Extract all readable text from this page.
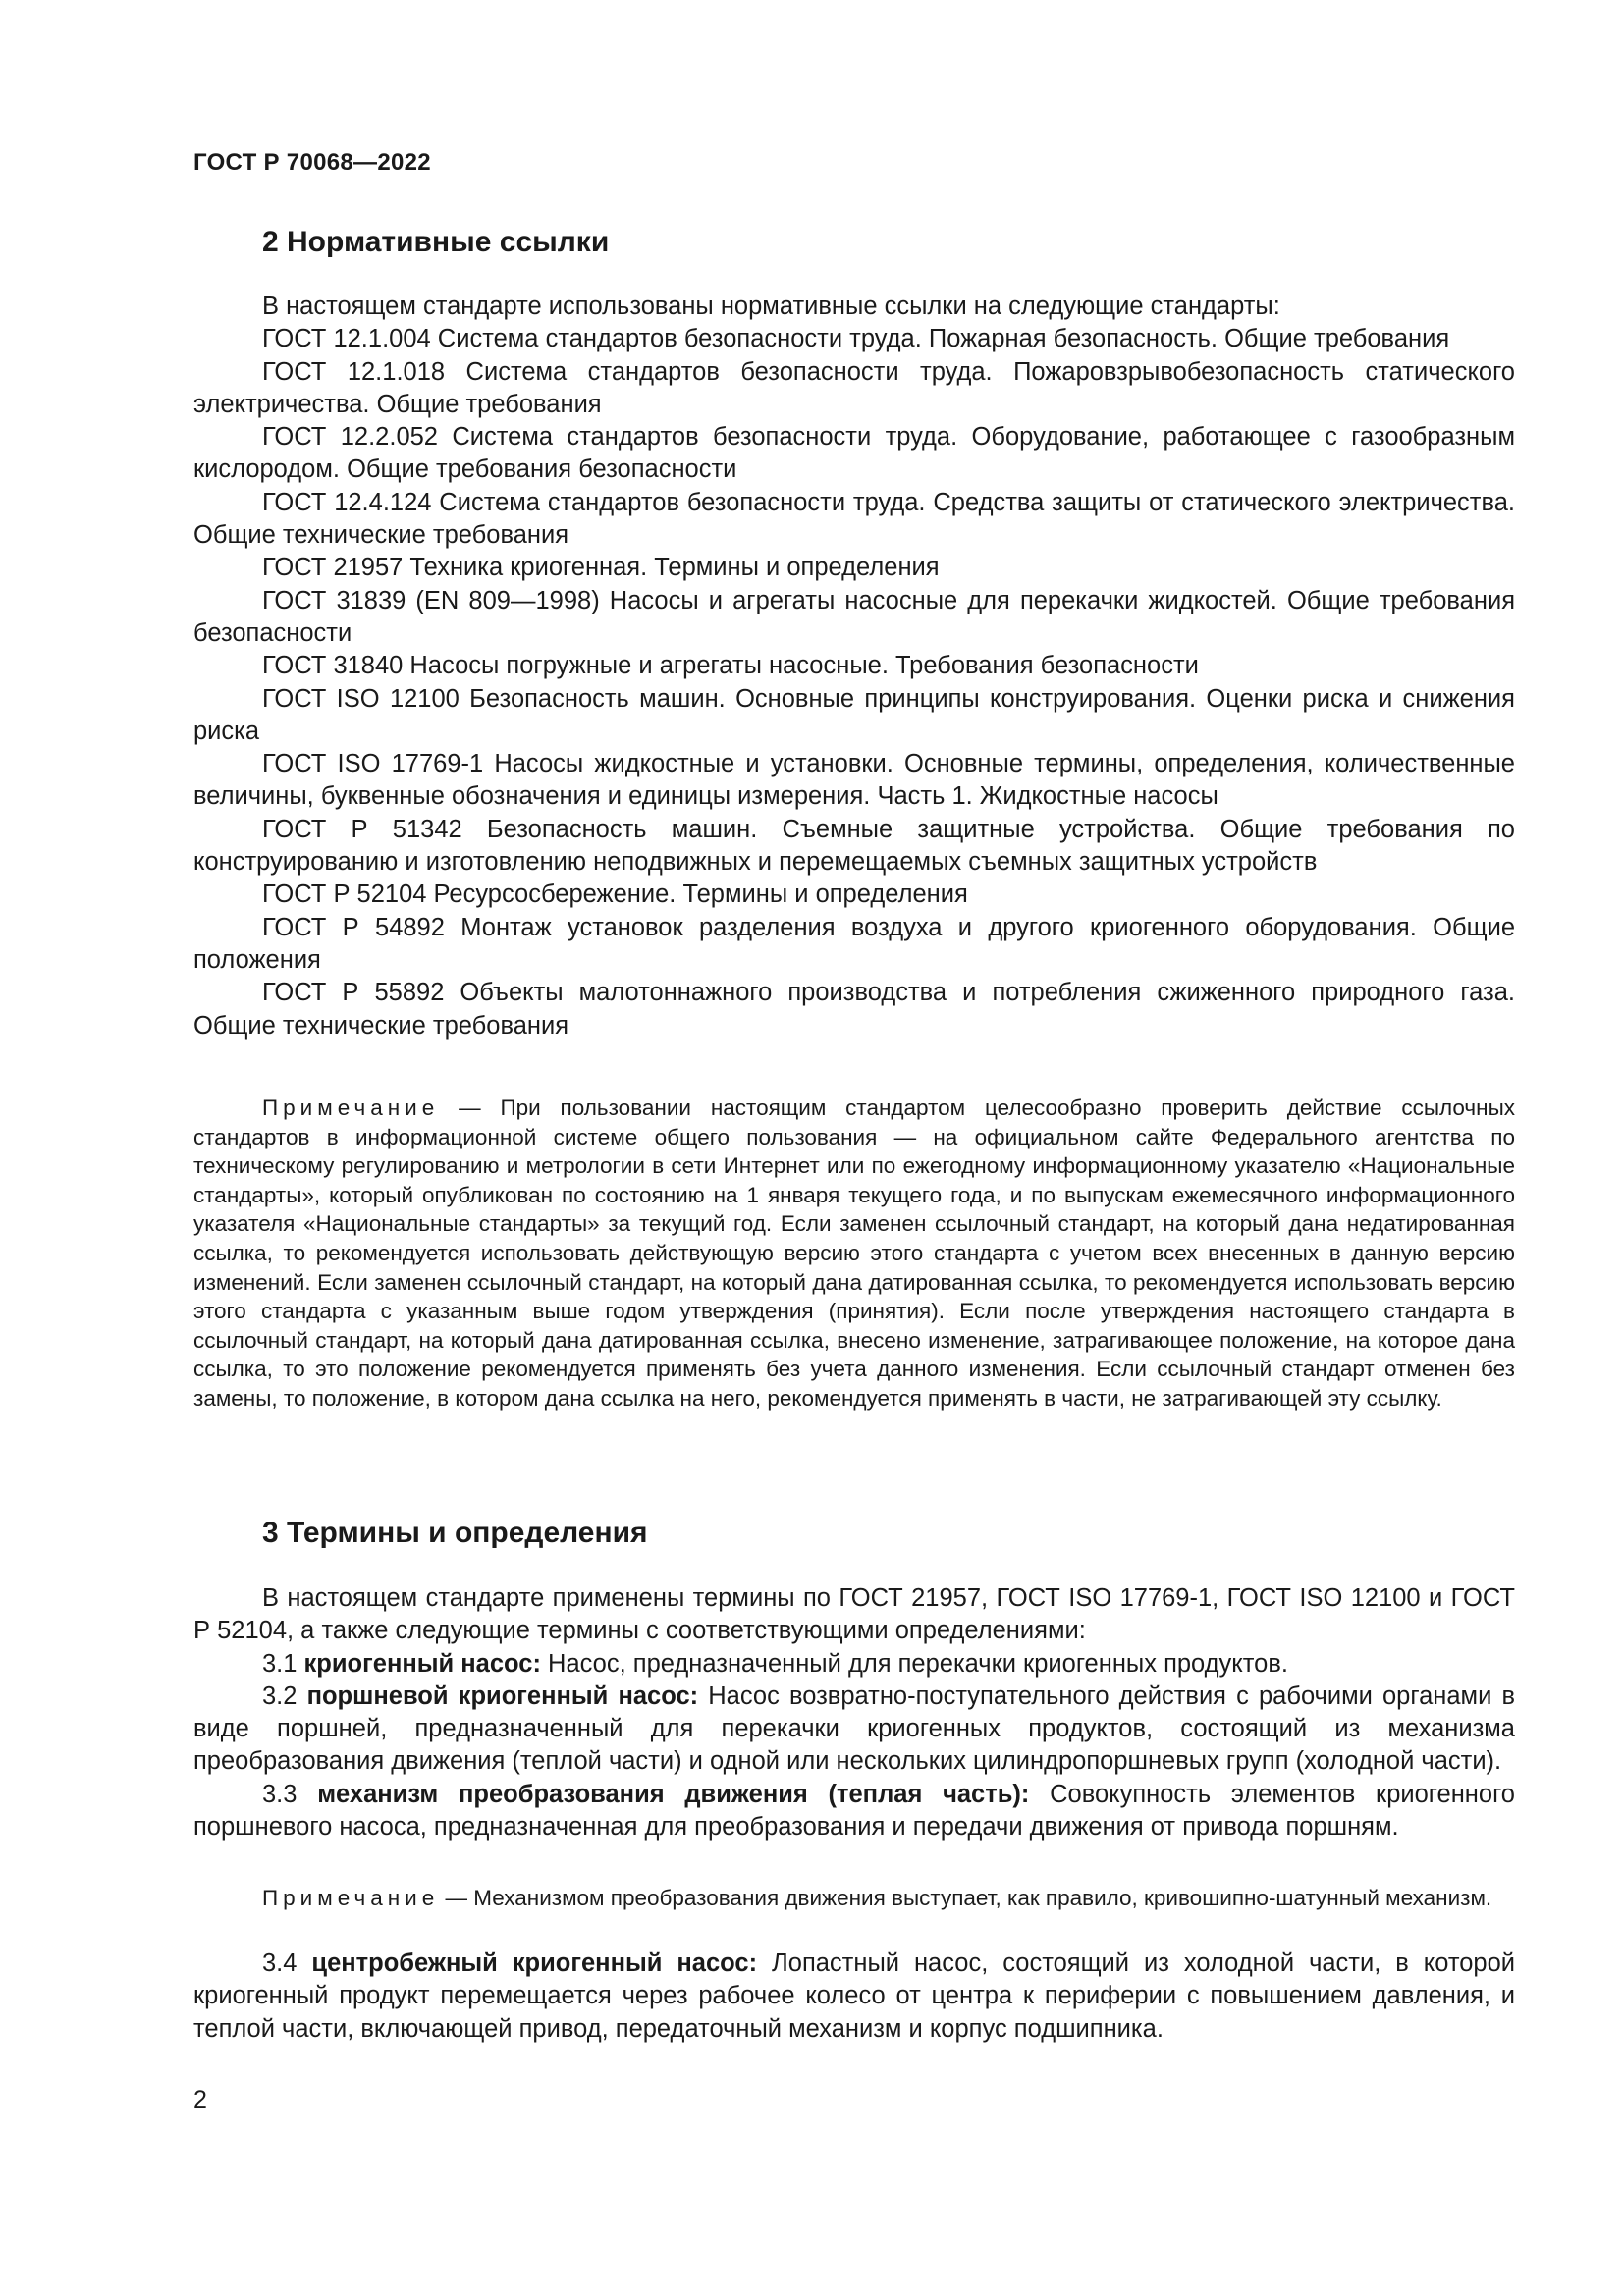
ГОСТ Р 70068—2022
2 Нормативные ссылки

В настоящем стандарте использованы нормативные ссылки на следующие стандарты:

ГОСТ 12.1.004 Система стандартов безопасности труда. Пожарная безопасность. Общие требования

ГОСТ 12.1.018 Система стандартов безопасности труда. Пожаровзрывобезопасность статического электричества. Общие требования

ГОСТ 12.2.052 Система стандартов безопасности труда. Оборудование, работающее с газообразным кислородом. Общие требования безопасности

ГОСТ 12.4.124 Система стандартов безопасности труда. Средства защиты от статического электричества. Общие технические требования

ГОСТ 21957 Техника криогенная. Термины и определения

ГОСТ 31839 (EN 809—1998) Насосы и агрегаты насосные для перекачки жидкостей. Общие требования безопасности

ГОСТ 31840 Насосы погружные и агрегаты насосные. Требования безопасности

ГОСТ ISO 12100 Безопасность машин. Основные принципы конструирования. Оценки риска и снижения риска

ГОСТ ISO 17769-1 Насосы жидкостные и установки. Основные термины, определения, количественные величины, буквенные обозначения и единицы измерения. Часть 1. Жидкостные насосы

ГОСТ Р 51342 Безопасность машин. Съемные защитные устройства. Общие требования по конструированию и изготовлению неподвижных и перемещаемых съемных защитных устройств

ГОСТ Р 52104 Ресурсосбережение. Термины и определения

ГОСТ Р 54892 Монтаж установок разделения воздуха и другого криогенного оборудования. Общие положения

ГОСТ Р 55892 Объекты малотоннажного производства и потребления сжиженного природного газа. Общие технические требования

Примечание — При пользовании настоящим стандартом целесообразно проверить действие ссылочных стандартов в информационной системе общего пользования — на официальном сайте Федерального агентства по техническому регулированию и метрологии в сети Интернет или по ежегодному информационному указателю «Национальные стандарты», который опубликован по состоянию на 1 января текущего года, и по выпускам ежемесячного информационного указателя «Национальные стандарты» за текущий год. Если заменен ссылочный стандарт, на который дана недатированная ссылка, то рекомендуется использовать действующую версию этого стандарта с учетом всех внесенных в данную версию изменений. Если заменен ссылочный стандарт, на который дана датированная ссылка, то рекомендуется использовать версию этого стандарта с указанным выше годом утверждения (принятия). Если после утверждения настоящего стандарта в ссылочный стандарт, на который дана датированная ссылка, внесено изменение, затрагивающее положение, на которое дана ссылка, то это положение рекомендуется применять без учета данного изменения. Если ссылочный стандарт отменен без замены, то положение, в котором дана ссылка на него, рекомендуется применять в части, не затрагивающей эту ссылку.

3 Термины и определения

В настоящем стандарте применены термины по ГОСТ 21957, ГОСТ ISO 17769-1, ГОСТ ISO 12100 и ГОСТ Р 52104, а также следующие термины с соответствующими определениями:

3.1 криогенный насос: Насос, предназначенный для перекачки криогенных продуктов.

3.2 поршневой криогенный насос: Насос возвратно-поступательного действия с рабочими органами в виде поршней, предназначенный для перекачки криогенных продуктов, состоящий из механизма преобразования движения (теплой части) и одной или нескольких цилиндропоршневых групп (холодной части).

3.3 механизм преобразования движения (теплая часть): Совокупность элементов криогенного поршневого насоса, предназначенная для преобразования и передачи движения от привода поршням.

Примечание — Механизмом преобразования движения выступает, как правило, кривошипно-шатунный механизм.

3.4 центробежный криогенный насос: Лопастный насос, состоящий из холодной части, в которой криогенный продукт перемещается через рабочее колесо от центра к периферии с повышением давления, и теплой части, включающей привод, передаточный механизм и корпус подшипника.

2
